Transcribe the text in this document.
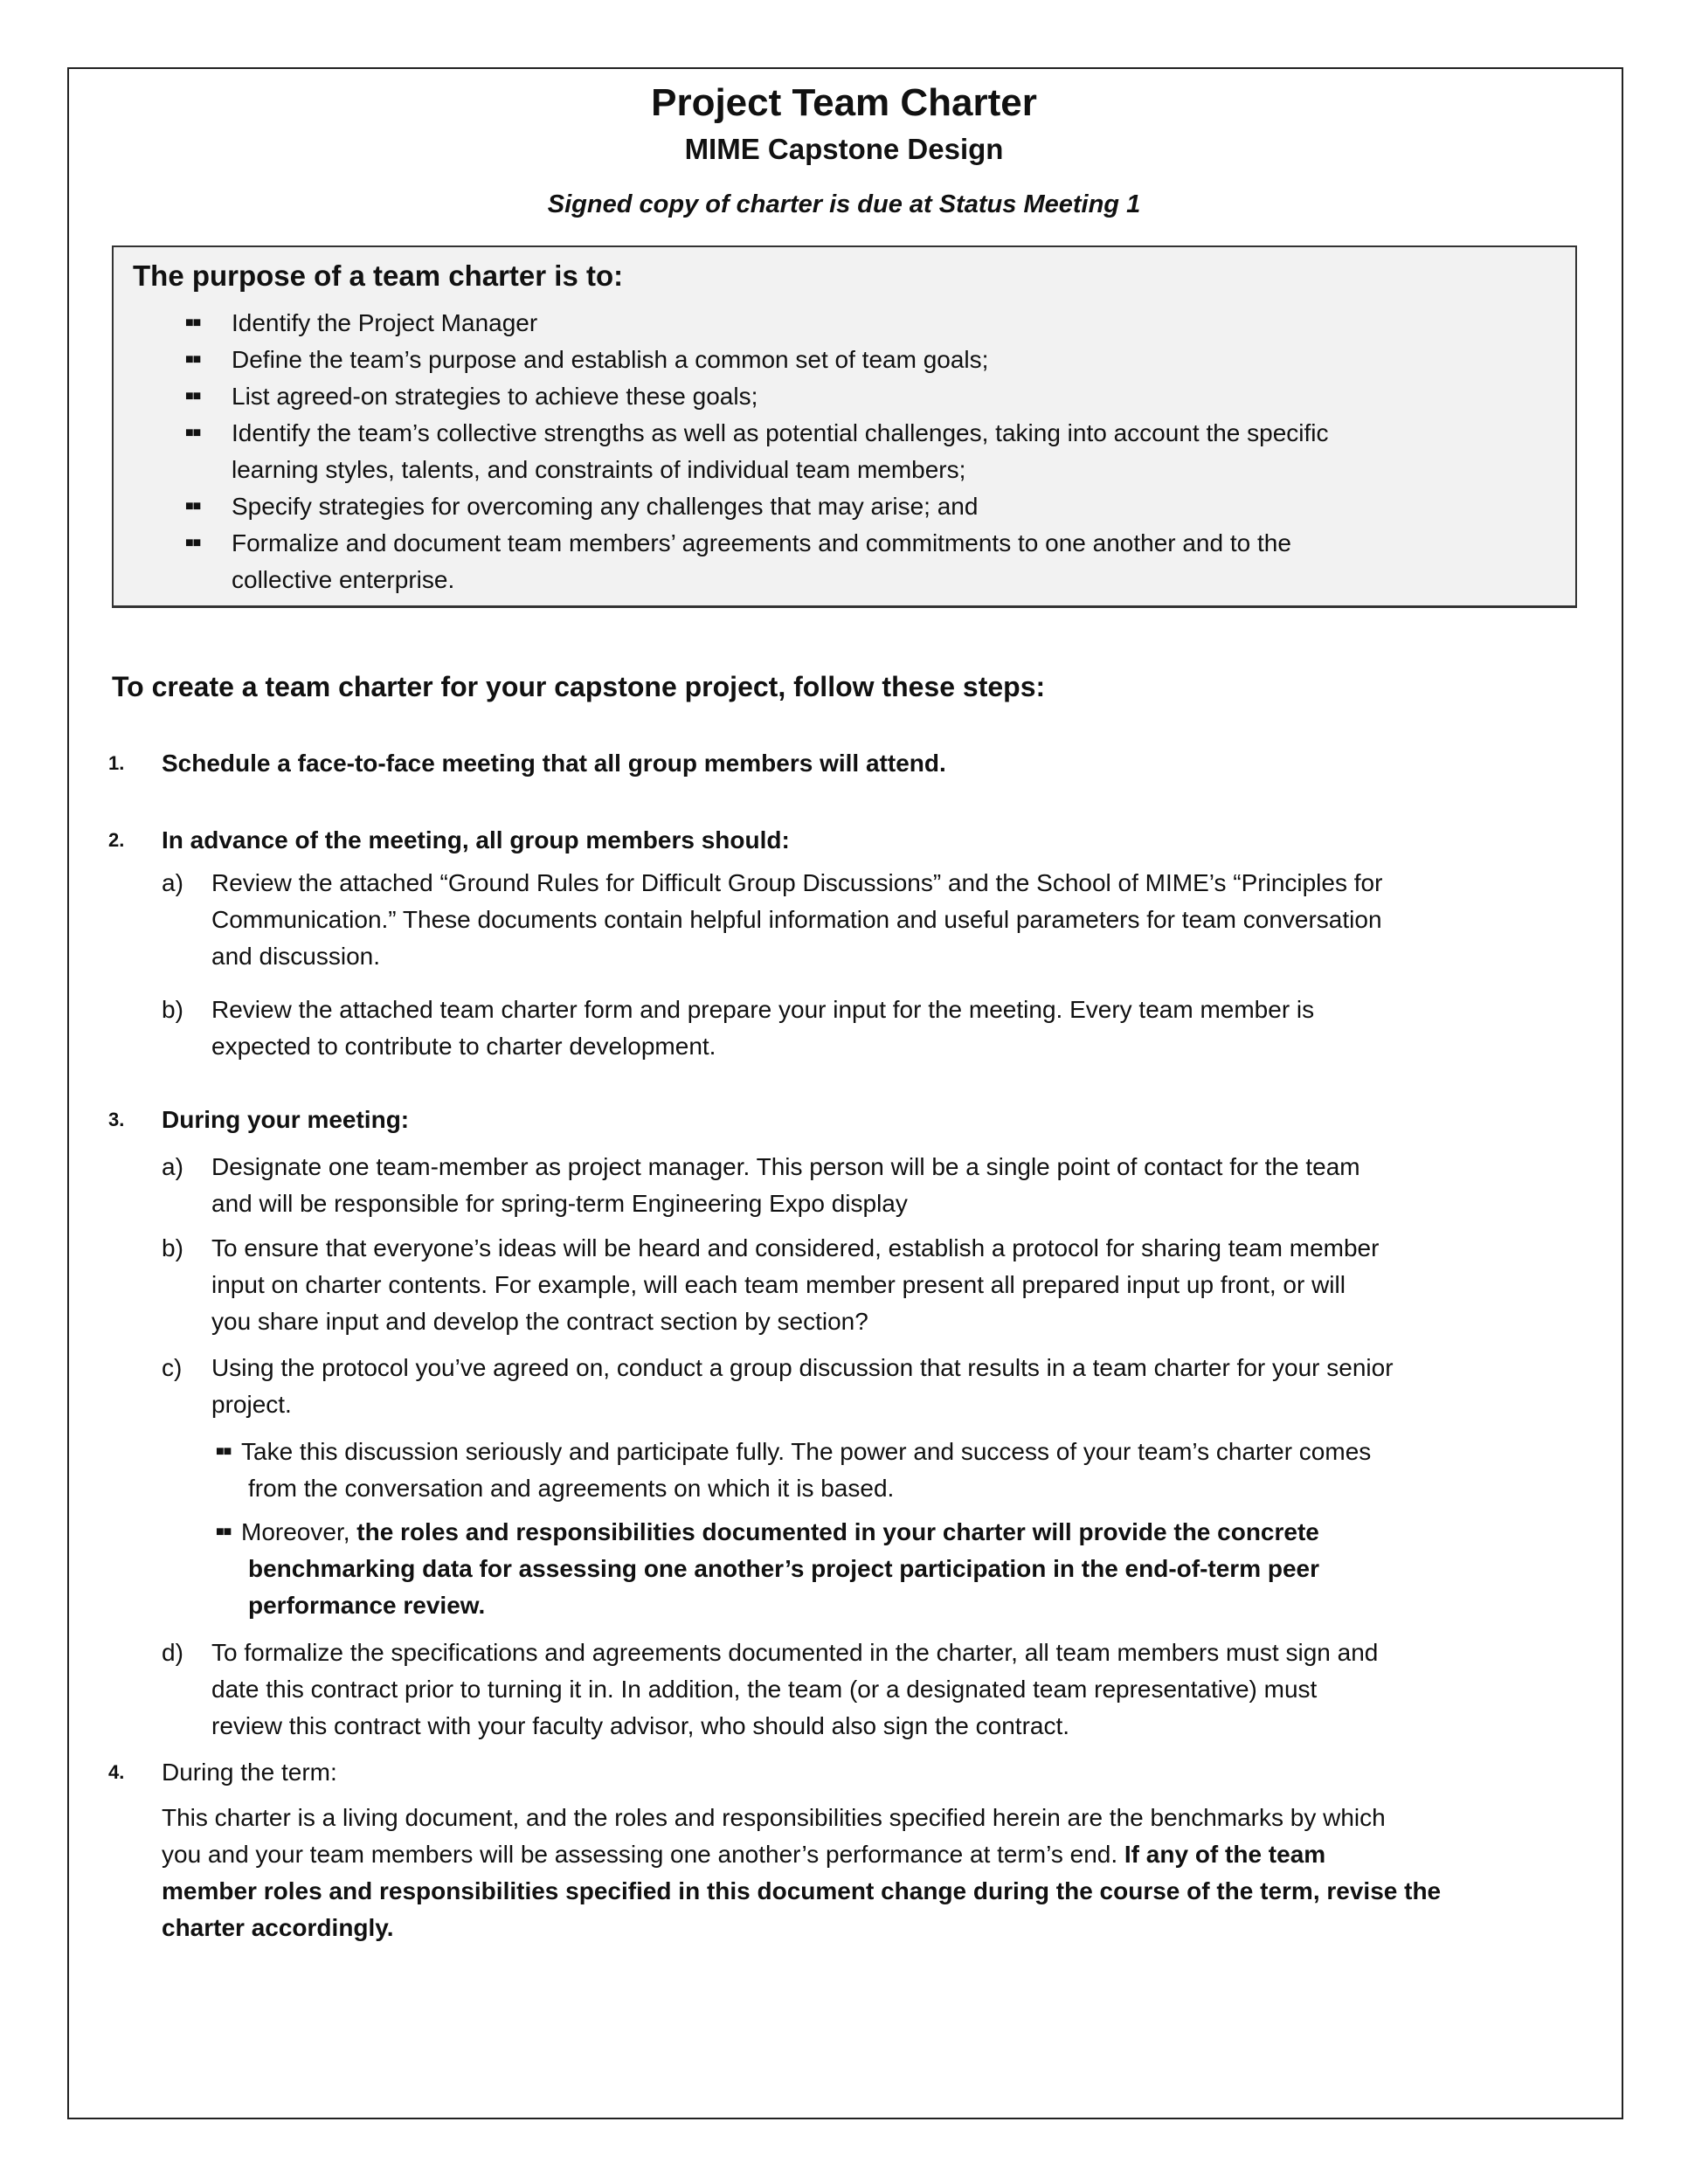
Project Team Charter
MIME Capstone Design
Signed copy of charter is due at Status Meeting 1
The purpose of a team charter is to:
■■	Identify the Project Manager
■■	Define the team’s purpose and establish a common set of team goals;
■■	List agreed-on strategies to achieve these goals;
■■	Identify the team’s collective strengths as well as potential challenges, taking into account the specific
learning styles, talents, and constraints of individual team members;
■■	Specify strategies for overcoming any challenges that may arise; and
■■	Formalize and document team members’ agreements and commitments to one another and to the
collective enterprise.
To create a team charter for your capstone project, follow these steps:
1. Schedule a face-to-face meeting that all group members will attend.
2. In advance of the meeting, all group members should:
a) Review the attached “Ground Rules for Difficult Group Discussions” and the School of MIME’s “Principles for
Communication.” These documents contain helpful information and useful parameters for team conversation
and discussion.
b) Review the attached team charter form and prepare your input for the meeting. Every team member is
expected to contribute to charter development.
3. During your meeting:
a) Designate one team-member as project manager. This person will be a single point of contact for the team
and will be responsible for spring-term Engineering Expo display
b) To ensure that everyone’s ideas will be heard and considered, establish a protocol for sharing team member
input on charter contents. For example, will each team member present all prepared input up front, or will
you share input and develop the contract section by section?
c) Using the protocol you’ve agreed on, conduct a group discussion that results in a team charter for your senior
project.
■■ Take this discussion seriously and participate fully. The power and success of your team’s charter comes
from the conversation and agreements on which it is based.
■■ Moreover, the roles and responsibilities documented in your charter will provide the concrete
benchmarking data for assessing one another’s project participation in the end-of-term peer
performance review.
d) To formalize the specifications and agreements documented in the charter, all team members must sign and
date this contract prior to turning it in. In addition, the team (or a designated team representative) must
review this contract with your faculty advisor, who should also sign the contract.
4. During the term:
This charter is a living document, and the roles and responsibilities specified herein are the benchmarks by which
you and your team members will be assessing one another’s performance at term’s end. If any of the team
member roles and responsibilities specified in this document change during the course of the term, revise the
charter accordingly.
